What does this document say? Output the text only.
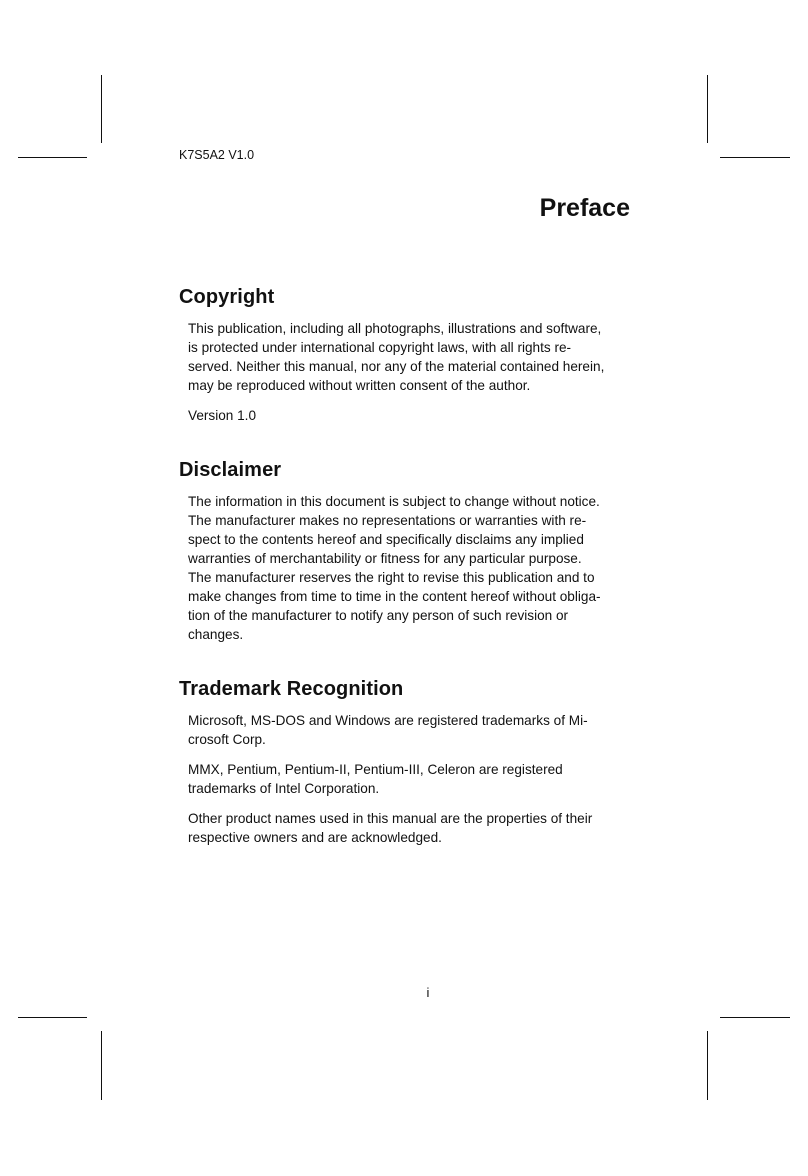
K7S5A2 V1.0

Preface
Copyright

This publication, including all photographs, illustrations and software,
is protected under international copyright laws, with all rights re-
served. Neither this manual, nor any of the material contained herein,
may be reproduced without written consent of the author.

Version 1.0

Disclaimer

The information in this document is subject to change without notice.
The manufacturer makes no representations or warranties with re-
spect to the contents hereof and specifically disclaims any implied
warranties of merchantability or fitness for any particular purpose.
The manufacturer reserves the right to revise this publication and to
make changes from time to time in the content hereof without obliga-
tion of the manufacturer to notify any person of such revision or
changes.

Trademark Recognition

Microsoft, MS-DOS and Windows are registered trademarks of Mi-
crosoft Corp.

MMX, Pentium, Pentium-II, Pentium-III, Celeron are registered
trademarks of Intel Corporation.

Other product names used in this manual are the properties of their
respective owners and are acknowledged.

i
